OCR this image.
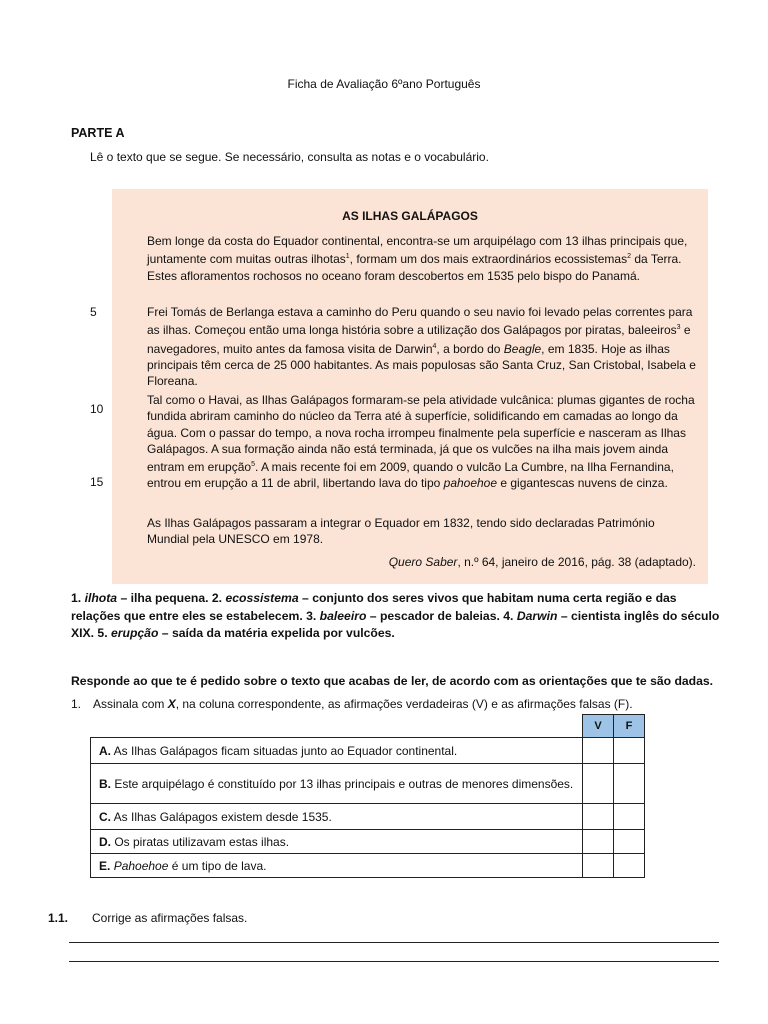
Ficha de Avaliação 6ºano Português
PARTE A
Lê o texto que se segue. Se necessário, consulta as notas e o vocabulário.
AS ILHAS GALÁPAGOS
Bem longe da costa do Equador continental, encontra-se um arquipélago com 13 ilhas principais que, juntamente com muitas outras ilhotas$^1$, formam um dos mais extraordinários ecossistemas$^2$ da Terra. Estes afloramentos rochosos no oceano foram descobertos em 1535 pelo bispo do Panamá.
Frei Tomás de Berlanga estava a caminho do Peru quando o seu navio foi levado pelas correntes para as ilhas. Começou então uma longa história sobre a utilização dos Galápagos por piratas, baleeiros$^3$ e navegadores, muito antes da famosa visita de Darwin$^4$, a bordo do Beagle, em 1835. Hoje as ilhas principais têm cerca de 25 000 habitantes. As mais populosas são Santa Cruz, San Cristobal, Isabela e Floreana.
Tal como o Havai, as Ilhas Galápagos formaram-se pela atividade vulcânica: plumas gigantes de rocha fundida abriram caminho do núcleo da Terra até à superfície, solidificando em camadas ao longo da água. Com o passar do tempo, a nova rocha irrompeu finalmente pela superfície e nasceram as Ilhas Galápagos. A sua formação ainda não está terminada, já que os vulcões na ilha mais jovem ainda entram em erupção$^5$. A mais recente foi em 2009, quando o vulcão La Cumbre, na Ilha Fernandina, entrou em erupção a 11 de abril, libertando lava do tipo pahoehoe e gigantescas nuvens de cinza.
As Ilhas Galápagos passaram a integrar o Equador em 1832, tendo sido declaradas Património Mundial pela UNESCO em 1978.
Quero Saber, n.º 64, janeiro de 2016, pág. 38 (adaptado).
5
10
15
1. ilhota – ilha pequena. 2. ecossistema – conjunto dos seres vivos que habitam numa certa região e das relações que entre eles se estabelecem. 3. baleeiro – pescador de baleias. 4. Darwin – cientista inglês do século XIX. 5. erupção – saída da matéria expelida por vulcões.
Responde ao que te é pedido sobre o texto que acabas de ler, de acordo com as orientações que te são dadas.
1. Assinala com X, na coluna correspondente, as afirmações verdadeiras (V) e as afirmações falsas (F).
	V	F
A. As Ilhas Galápagos ficam situadas junto ao Equador continental.		
B. Este arquipélago é constituído por 13 ilhas principais e outras de menores dimensões.		
C. As Ilhas Galápagos existem desde 1535.		
D. Os piratas utilizavam estas ilhas.		
E. Pahoehoe é um tipo de lava.		
1.1. Corrige as afirmações falsas.
